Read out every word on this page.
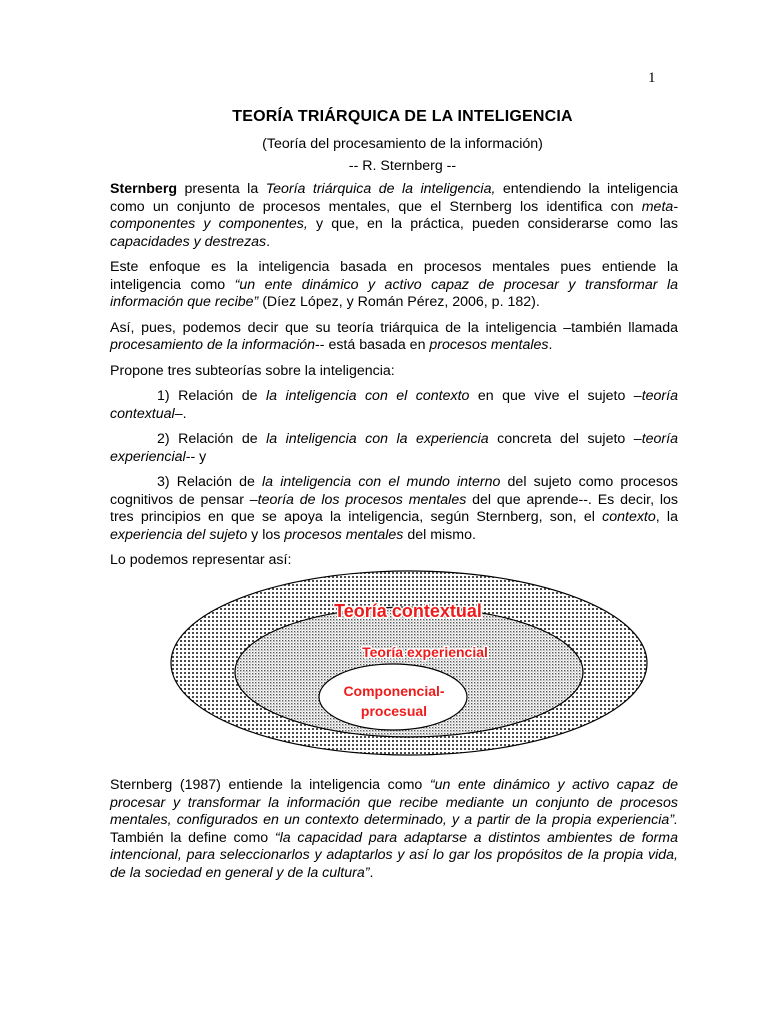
1
TEORÍA TRIÁRQUICA DE LA INTELIGENCIA
(Teoría del procesamiento de la información)
-- R. Sternberg --

Sternberg presenta la Teoría triárquica de la inteligencia, entendiendo la inteligencia como un conjunto de procesos mentales, que el Sternberg los identifica con meta-componentes y componentes, y que, en la práctica, pueden considerarse como las capacidades y destrezas.

Este enfoque es la inteligencia basada en procesos mentales pues entiende la inteligencia como “un ente dinámico y activo capaz de procesar y transformar la información que recibe” (Díez López, y Román Pérez, 2006, p. 182).

Así, pues, podemos decir que su teoría triárquica de la inteligencia –también llamada procesamiento de la información-- está basada en procesos mentales.

Propone tres subteorías sobre la inteligencia:

1) Relación de la inteligencia con el contexto en que vive el sujeto –teoría contextual–.

2) Relación de la inteligencia con la experiencia concreta del sujeto –teoría experiencial-- y

3) Relación de la inteligencia con el mundo interno del sujeto como procesos cognitivos de pensar –teoría de los procesos mentales del que aprende--. Es decir, los tres principios en que se apoya la inteligencia, según Sternberg, son, el contexto, la experiencia del sujeto y los procesos mentales del mismo.

Lo podemos representar así:

Teoría contextual
Teoría experiencial
Componencial-
procesual

Sternberg (1987) entiende la inteligencia como “un ente dinámico y activo capaz de procesar y transformar la información que recibe mediante un conjunto de procesos mentales, configurados en un contexto determinado, y a partir de la propia experiencia”. También la define como “la capacidad para adaptarse a distintos ambientes de forma intencional, para seleccionarlos y adaptarlos y así lo gar los propósitos de la propia vida, de la sociedad en general y de la cultura”.
